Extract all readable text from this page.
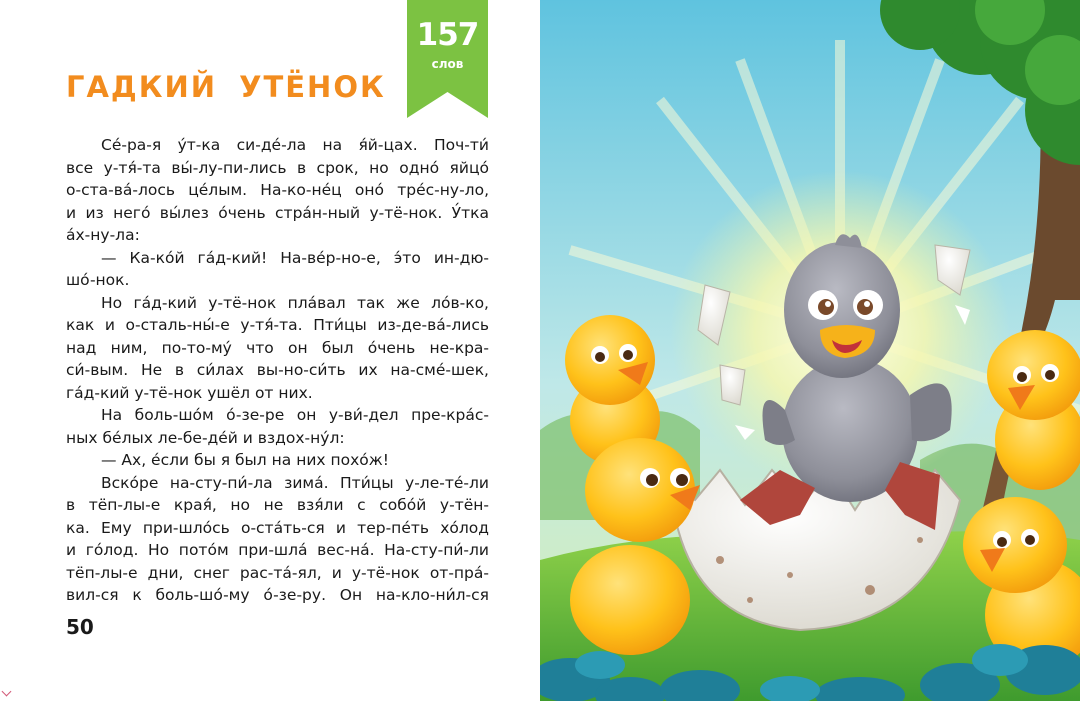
ГАДКИЙ УТЁНОК
157
слов
Сé-ра-я ýт-ка си-дé-ла на я́й-цах. Поч-ти́
все у-тя́-та вы́-лу-пи-лись в срок, но однó яйцó
о-ста-вá-лось цéлым. На-ко-нéц онó трéс-ну-ло,
и из негó вы́лез óчень стрáн-ный у-тё-нок. У́тка
áх-ну-ла:
— Ка-кóй гáд-кий! На-вéр-но-е, э́то ин-дю-
шó-нок.
Но гáд-кий у-тё-нок плáвал так же лóв-ко,
как и о-сталь-ны́-е у-тя́-та. Пти́цы из-де-вá-лись
над ним, по-то-мý что он был óчень не-кра-
си́-вым. Не в си́лах вы-но-си́ть их на-смé-шек,
гáд-кий у-тё-нок ушёл от них.
На боль-шóм ó-зе-ре он у-ви́-дел пре-крáс-
ных бéлых ле-бе-дéй и вздох-нýл:
— Ах, éсли бы я был на них похóж!
Вскóре на-сту-пи́-ла зимá. Пти́цы у-ле-тé-ли
в тёп-лы-е края́, но не взя́ли с собóй у-тён-
ка. Ему при-шлóсь о-стáть-ся и тер-пéть хóлод
и гóлод. Но потóм при-шлá вес-нá. На-сту-пи́-ли
тёп-лы-е дни, снег рас-тá-ял, и у-тё-нок от-прá-
вил-ся к боль-шó-му ó-зе-ру. Он на-кло-ни́л-ся
50
